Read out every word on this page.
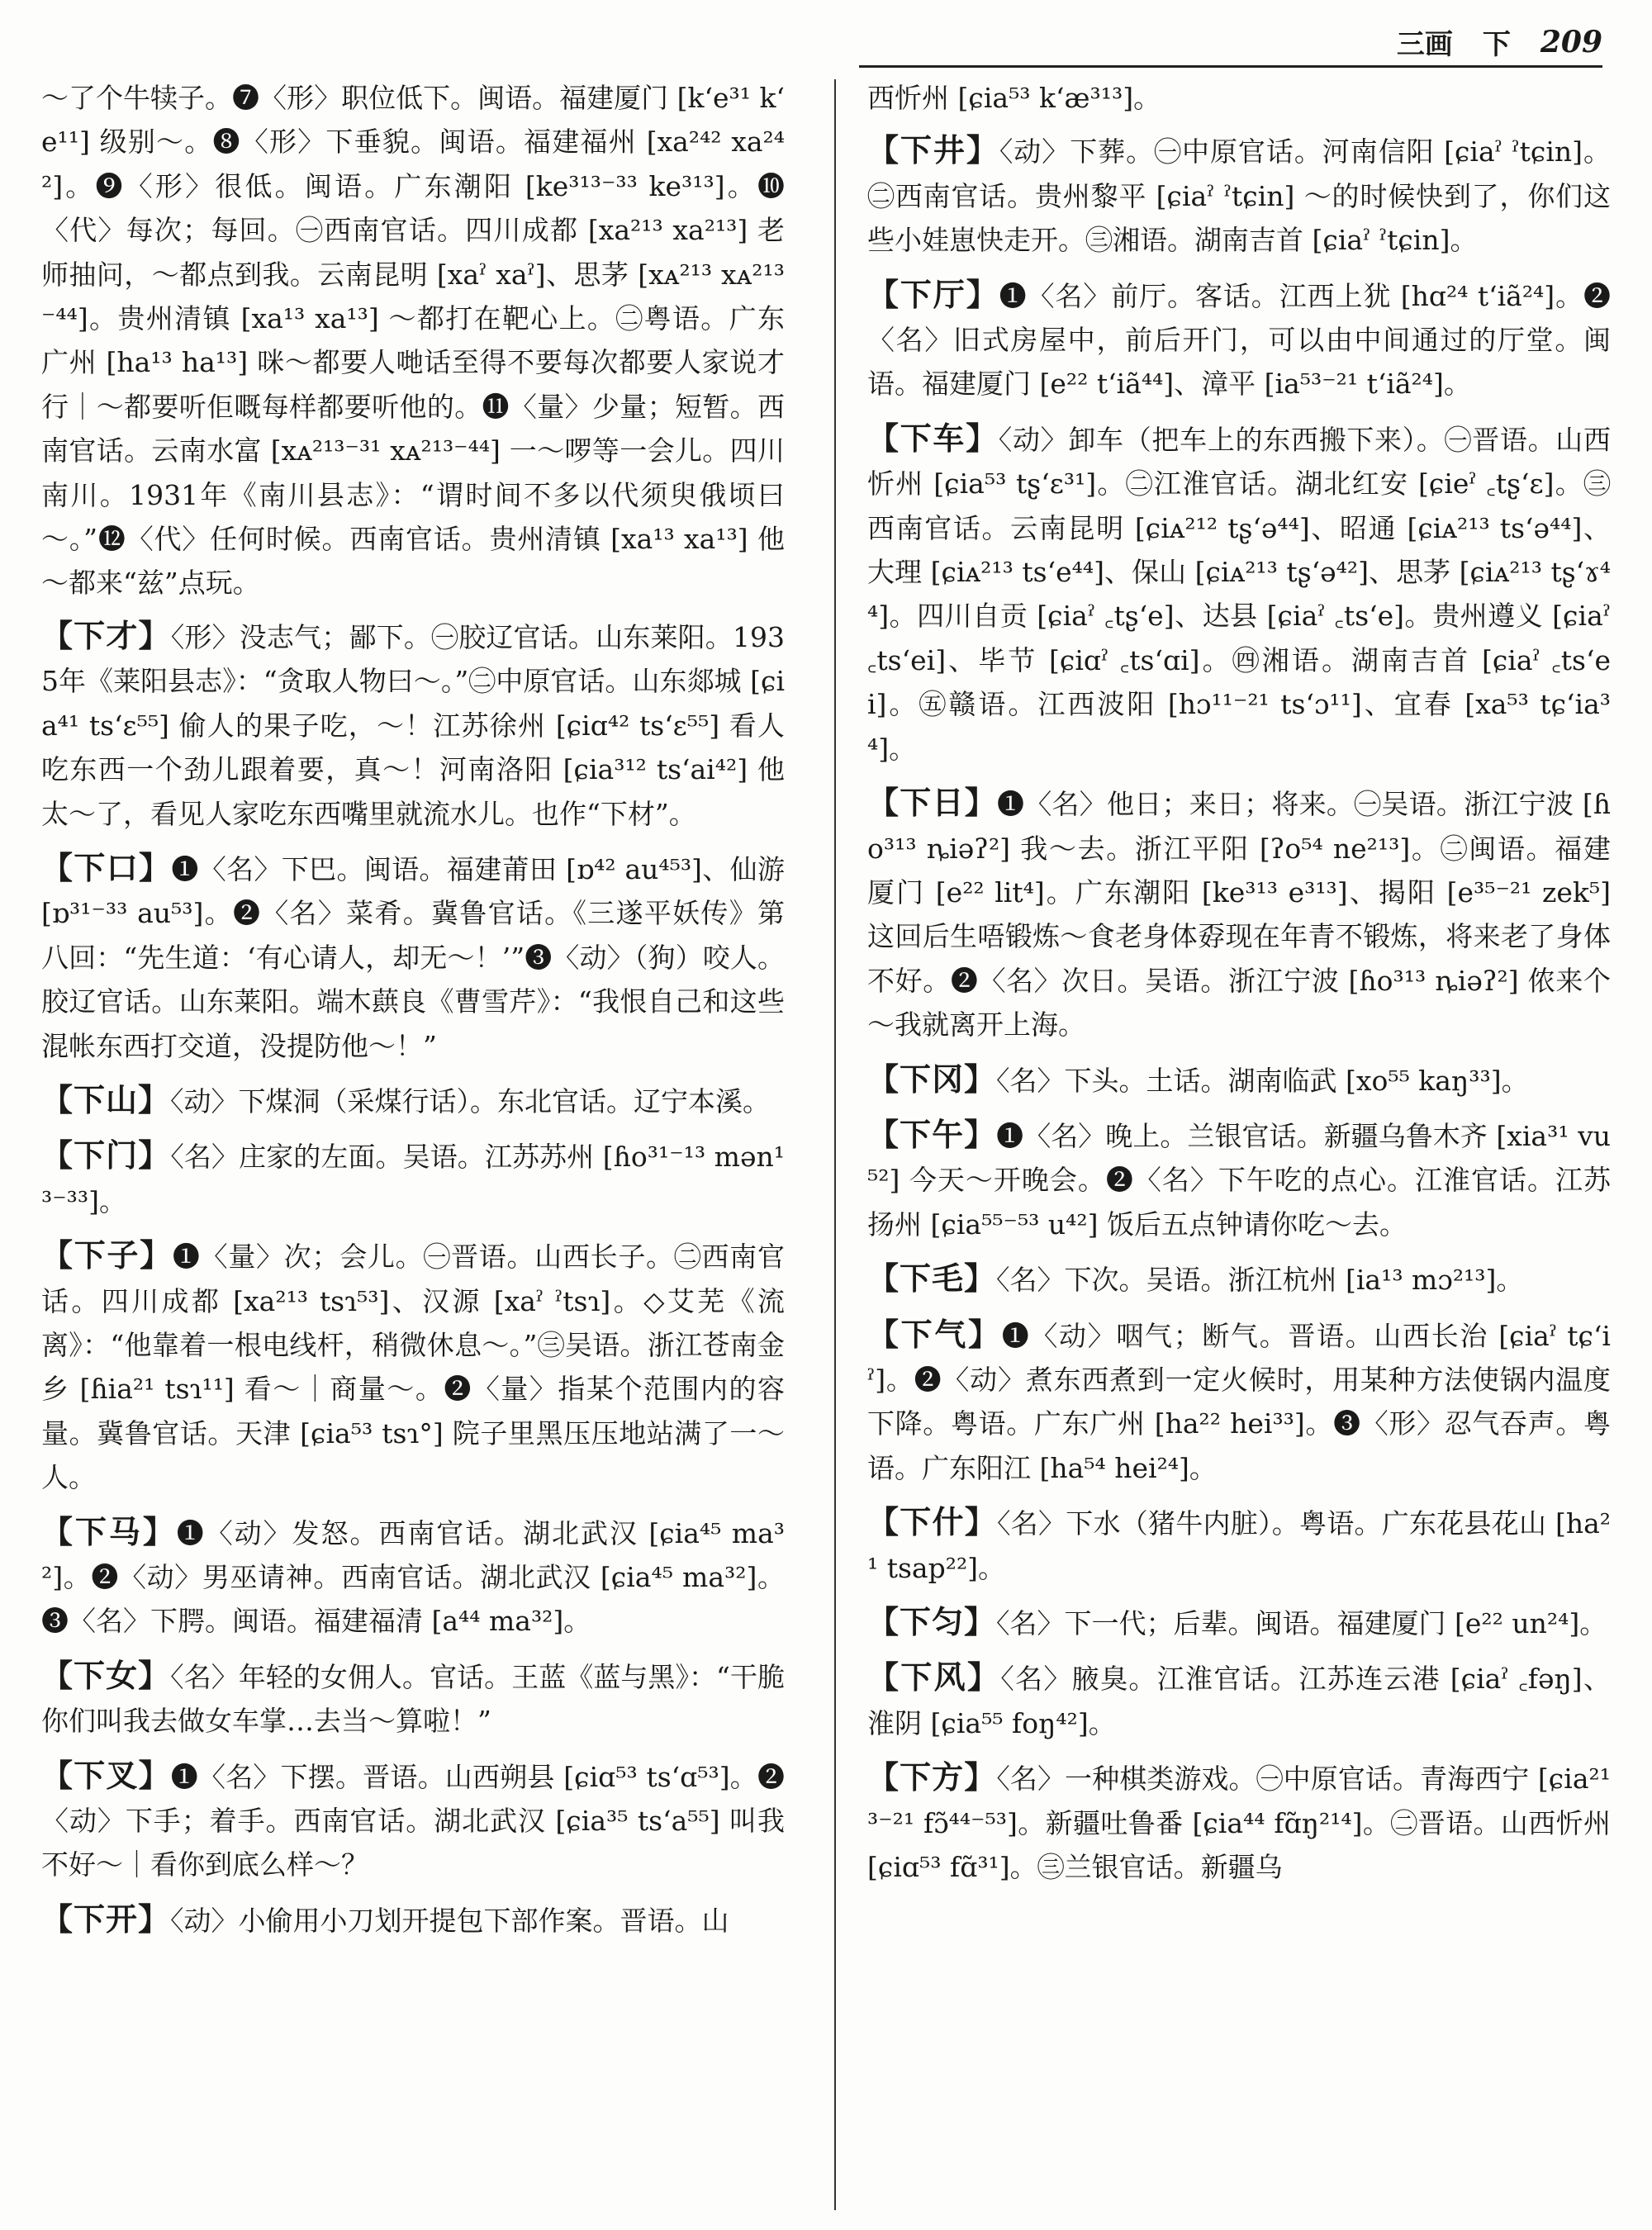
三画 下 209

～了个牛犊子。❼〈形〉职位低下。闽语。福建厦门 [kʻe³¹ kʻe¹¹] 级别～。❽〈形〉下垂貌。闽语。福建福州 [xa²⁴² xa²⁴²]。❾〈形〉很低。闽语。广东潮阳 [ke³¹³⁻³³ ke³¹³]。❿〈代〉每次；每回。㊀西南官话。四川成都 [xa²¹³ xa²¹³] 老师抽问，～都点到我。云南昆明 [xaˀ xaˀ]、思茅 [xᴀ²¹³ xᴀ²¹³⁻⁴⁴]。贵州清镇 [xa¹³ xa¹³] ～都打在靶心上。㊁粤语。广东广州 [ha¹³ ha¹³] 咪～都要人哋话至得不要每次都要人家说才行｜～都要听佢嘅每样都要听他的。⓫〈量〉少量；短暂。西南官话。云南水富 [xᴀ²¹³⁻³¹ xᴀ²¹³⁻⁴⁴] 一～啰等一会儿。四川南川。1931年《南川县志》：“谓时间不多以代须臾俄顷曰～。”⓬〈代〉任何时候。西南官话。贵州清镇 [xa¹³ xa¹³] 他～都来“兹”点玩。

【下才】〈形〉没志气；鄙下。㊀胶辽官话。山东莱阳。1935年《莱阳县志》：“贪取人物曰～。”㊁中原官话。山东郯城 [ɕia⁴¹ tsʻɛ⁵⁵] 偷人的果子吃，～！江苏徐州 [ɕiɑ⁴² tsʻɛ⁵⁵] 看人吃东西一个劲儿跟着要，真～！河南洛阳 [ɕia³¹² tsʻai⁴²] 他太～了，看见人家吃东西嘴里就流水儿。也作“下材”。

【下口】❶〈名〉下巴。闽语。福建莆田 [ɒ⁴² au⁴⁵³]、仙游 [ɒ³¹⁻³³ au⁵³]。❷〈名〉菜肴。冀鲁官话。《三遂平妖传》第八回：“先生道：‘有心请人，却无～！’”❸〈动〉（狗）咬人。胶辽官话。山东莱阳。端木蕻良《曹雪芹》：“我恨自己和这些混帐东西打交道，没提防他～！”

【下山】〈动〉下煤洞（采煤行话）。东北官话。辽宁本溪。

【下门】〈名〉庄家的左面。吴语。江苏苏州 [ɦo³¹⁻¹³ mən¹³⁻³³]。

【下子】❶〈量〉次；会儿。㊀晋语。山西长子。㊁西南官话。四川成都 [xa²¹³ tsɿ⁵³]、汉源 [xaˀ ˀtsɿ]。◇艾芜《流离》：“他靠着一根电线杆，稍微休息～。”㊂吴语。浙江苍南金乡 [ɦia²¹ tsɿ¹¹] 看～｜商量～。❷〈量〉指某个范围内的容量。冀鲁官话。天津 [ɕia⁵³ tsɿ°] 院子里黑压压地站满了一～人。

【下马】❶〈动〉发怒。西南官话。湖北武汉 [ɕia⁴⁵ ma³²]。❷〈动〉男巫请神。西南官话。湖北武汉 [ɕia⁴⁵ ma³²]。❸〈名〉下腭。闽语。福建福清 [a⁴⁴ ma³²]。

【下女】〈名〉年轻的女佣人。官话。王蓝《蓝与黑》：“干脆你们叫我去做女车掌…去当～算啦！”

【下叉】❶〈名〉下摆。晋语。山西朔县 [ɕiɑ⁵³ tsʻɑ⁵³]。❷〈动〉下手；着手。西南官话。湖北武汉 [ɕia³⁵ tsʻa⁵⁵] 叫我不好～｜看你到底么样～？

【下开】〈动〉小偷用小刀划开提包下部作案。晋语。山

西忻州 [ɕia⁵³ kʻæ³¹³]。

【下井】〈动〉下葬。㊀中原官话。河南信阳 [ɕiaˀ ˀtɕin]。㊁西南官话。贵州黎平 [ɕiaˀ ˀtɕin] ～的时候快到了，你们这些小娃崽快走开。㊂湘语。湖南吉首 [ɕiaˀ ˀtɕin]。

【下厅】❶〈名〉前厅。客话。江西上犹 [hɑ²⁴ tʻiã²⁴]。❷〈名〉旧式房屋中，前后开门，可以由中间通过的厅堂。闽语。福建厦门 [e²² tʻiã⁴⁴]、漳平 [ia⁵³⁻²¹ tʻiã²⁴]。

【下车】〈动〉卸车（把车上的东西搬下来）。㊀晋语。山西忻州 [ɕia⁵³ tʂʻɛ³¹]。㊁江淮官话。湖北红安 [ɕieˀ ꜀tʂʻɛ]。㊂西南官话。云南昆明 [ɕiᴀ²¹² tʂʻə⁴⁴]、昭通 [ɕiᴀ²¹³ tsʻə⁴⁴]、大理 [ɕiᴀ²¹³ tsʻe⁴⁴]、保山 [ɕiᴀ²¹³ tʂʻə⁴²]、思茅 [ɕiᴀ²¹³ tʂʻɤ⁴⁴]。四川自贡 [ɕiaˀ ꜀tʂʻe]、达县 [ɕiaˀ ꜀tsʻe]。贵州遵义 [ɕiaˀ ꜀tsʻei]、毕节 [ɕiɑˀ ꜀tsʻɑi]。㊃湘语。湖南吉首 [ɕiaˀ ꜀tsʻei]。㊄赣语。江西波阳 [hɔ¹¹⁻²¹ tsʻɔ¹¹]、宜春 [xa⁵³ tɕʻia³⁴]。

【下日】❶〈名〉他日；来日；将来。㊀吴语。浙江宁波 [ɦo³¹³ ȵiəʔ²] 我～去。浙江平阳 [ʔo⁵⁴ ne²¹³]。㊁闽语。福建厦门 [e²² lit⁴]。广东潮阳 [ke³¹³ e³¹³]、揭阳 [e³⁵⁻²¹ zek⁵] 这回后生唔锻炼～食老身体孬现在年青不锻炼，将来老了身体不好。❷〈名〉次日。吴语。浙江宁波 [ɦo³¹³ ȵiəʔ²] 侬来个～我就离开上海。

【下冈】〈名〉下头。土话。湖南临武 [xo⁵⁵ kaŋ³³]。

【下午】❶〈名〉晚上。兰银官话。新疆乌鲁木齐 [xia³¹ vu⁵²] 今天～开晚会。❷〈名〉下午吃的点心。江淮官话。江苏扬州 [ɕia⁵⁵⁻⁵³ u⁴²] 饭后五点钟请你吃～去。

【下毛】〈名〉下次。吴语。浙江杭州 [ia¹³ mɔ²¹³]。

【下气】❶〈动〉咽气；断气。晋语。山西长治 [ɕiaˀ tɕʻiˀ]。❷〈动〉煮东西煮到一定火候时，用某种方法使锅内温度下降。粤语。广东广州 [ha²² hei³³]。❸〈形〉忍气吞声。粤语。广东阳江 [ha⁵⁴ hei²⁴]。

【下什】〈名〉下水（猪牛内脏）。粤语。广东花县花山 [ha²¹ tsap²²]。

【下匀】〈名〉下一代；后辈。闽语。福建厦门 [e²² un²⁴]。

【下风】〈名〉腋臭。江淮官话。江苏连云港 [ɕiaˀ ꜀fəŋ]、淮阴 [ɕia⁵⁵ foŋ⁴²]。

【下方】〈名〉一种棋类游戏。㊀中原官话。青海西宁 [ɕia²¹³⁻²¹ fɔ̃⁴⁴⁻⁵³]。新疆吐鲁番 [ɕia⁴⁴ fɑ̃ŋ²¹⁴]。㊁晋语。山西忻州 [ɕiɑ⁵³ fɑ̃³¹]。㊂兰银官话。新疆乌
